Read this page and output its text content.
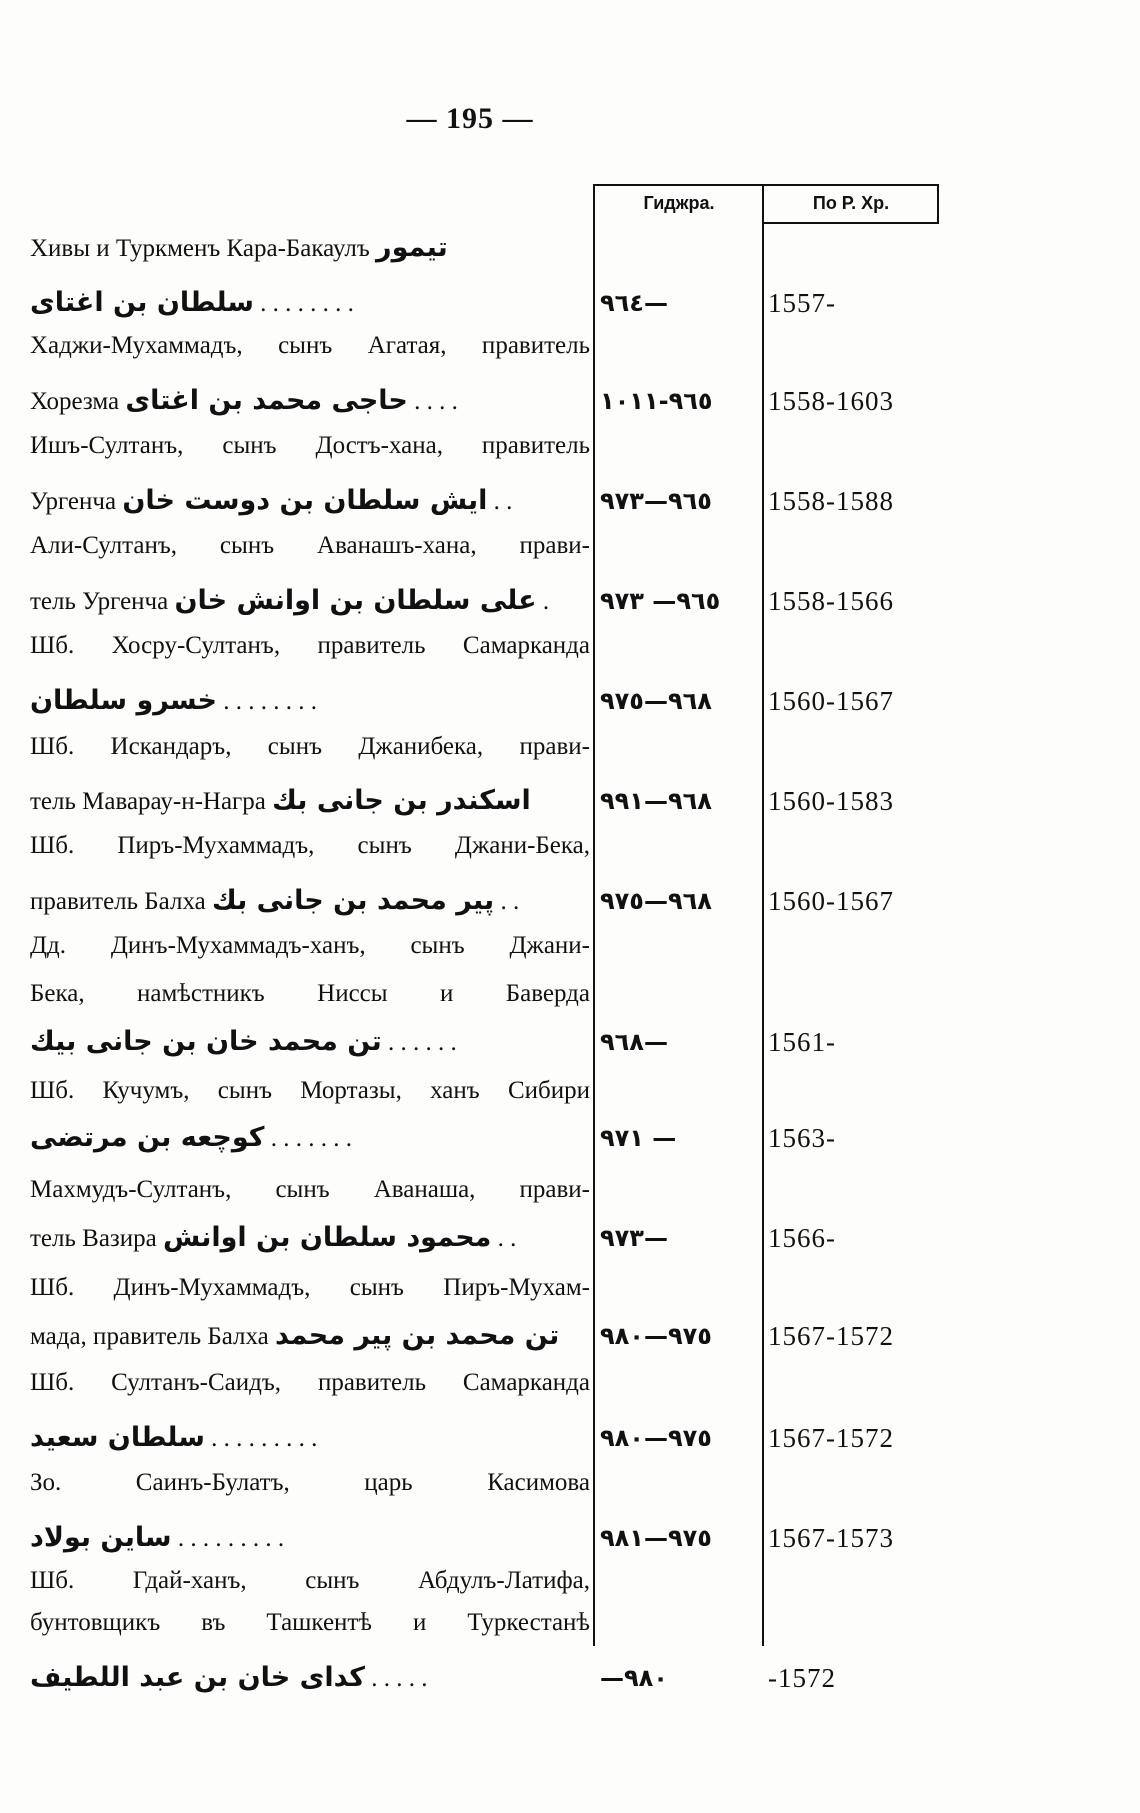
— 195 —
Гиджра.	По Р. Хр.
Хивы и Туркменъ Кара-Бакаулъ تیمور
سلطان بن اغتای . . . . . . . .	٩٦٤—	1557-
Хаджи-Мухаммадъ, сынъ Агатая, правитель
Хорезма حاجی محمد بن اغتای . . . .	٩٦٥-١٠١١	1558-1603
Ишъ-Султанъ, сынъ Достъ-хана, правитель
Ургенча ایش سلطان بن دوست خان . .	٩٦٥—٩٧٣	1558-1588
Али-Султанъ, сынъ Аванашъ-хана, прави-
тель Ургенча علی سلطان بن اوانش خان .	٩٦٥— ٩٧٣	1558-1566
Шб. Хосру-Султанъ, правитель Самарканда
خسرو سلطان . . . . . . . .	٩٦٨—٩٧٥	1560-1567
Шб. Искандаръ, сынъ Джанибека, прави-
тель Маварау-н-Награ اسکندر بن جانی بك	٩٦٨—٩٩١	1560-1583
Шб. Пиръ-Мухаммадъ, сынъ Джани-Бека,
правитель Балха پیر محمد بن جانی بك . .	٩٦٨—٩٧٥	1560-1567
Дд. Динъ-Мухаммадъ-ханъ, сынъ Джани-
Бека, намѣстникъ Ниссы и Баверда
تن محمد خان بن جانی بیك . . . . . .	٩٦٨—	1561-
Шб. Кучумъ, сынъ Мортазы, ханъ Сибири
کوچعه بن مرتضی . . . . . . .	٩٧١ —	1563-
Махмудъ-Султанъ, сынъ Аванаша, прави-
тель Вазира محمود سلطان بن اوانش . .	٩٧٣—	1566-
Шб. Динъ-Мухаммадъ, сынъ Пиръ-Мухам-
мада, правитель Балха تن محمد بن پیر محمد	٩٧٥—٩٨٠	1567-1572
Шб. Султанъ-Саидъ, правитель Самарканда
سلطان سعید . . . . . . . . .	٩٧٥—٩٨٠	1567-1572
Зо. Саинъ-Булатъ, царь Касимова
ساین بولاد . . . . . . . . .	٩٧٥—٩٨١	1567-1573
Шб. Гдай-ханъ, сынъ Абдулъ-Латифа,
бунтовщикъ въ Ташкентѣ и Туркестанѣ
کدای خان بن عبد اللطیف . . . . .	—٩٨٠	-1572
